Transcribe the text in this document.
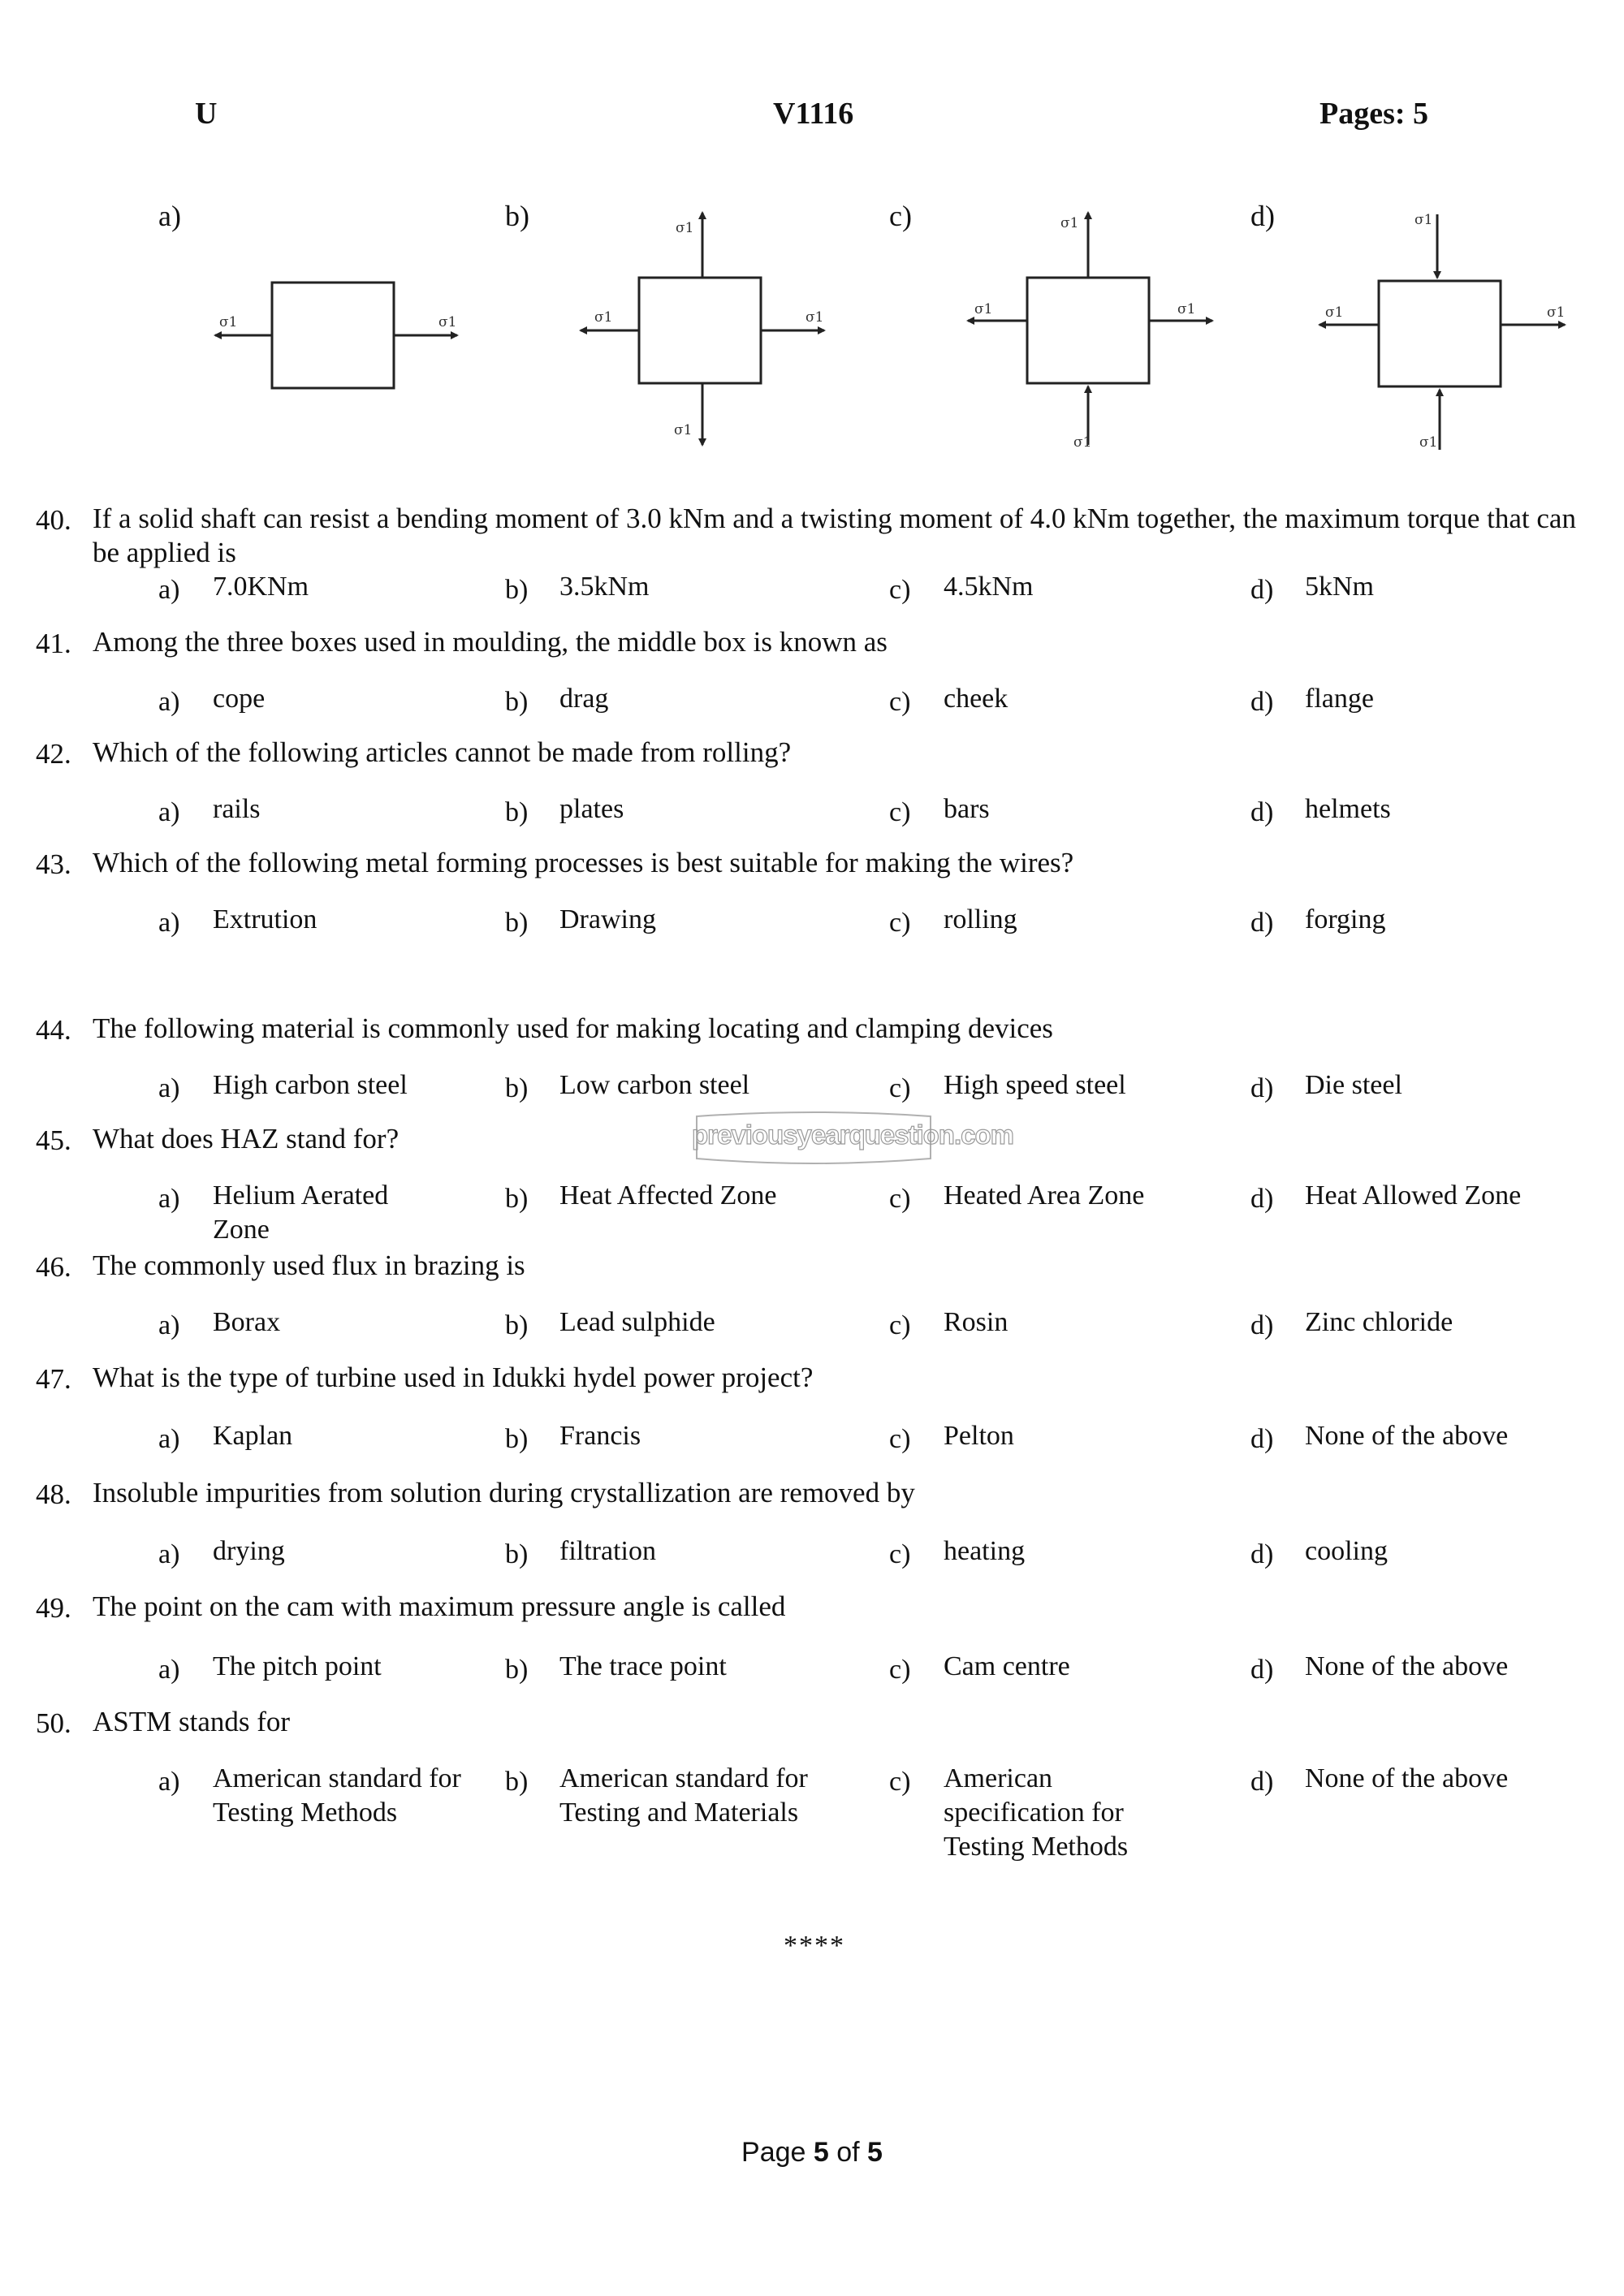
U	V1116	Pages: 5
a)	b)	c)	d)
σ1	σ1	σ1	σ1
σ1
σ1
σ1	σ1
σ1
σ1
σ1	σ1
σ1
σ1
40. If a solid shaft can resist a bending moment of 3.0 kNm and a twisting moment of 4.0 kNm together, the maximum torque that can be applied is
a) 7.0KNm	b) 3.5kNm	c) 4.5kNm	d) 5kNm
41. Among the three boxes used in moulding, the middle box is known as
a) cope	b) drag	c) cheek	d) flange
42. Which of the following articles cannot be made from rolling?
a) rails	b) plates	c) bars	d) helmets
43. Which of the following metal forming processes is best suitable for making the wires?
a) Extrution	b) Drawing	c) rolling	d) forging
44. The following material is commonly used for making locating and clamping devices
a) High carbon steel	b) Low carbon steel	c) High speed steel	d) Die steel
45. What does HAZ stand for?
a) Helium Aerated Zone
b) Heat Affected Zone	c) Heated Area Zone	d) Heat Allowed Zone
46. The commonly used flux in brazing is
a) Borax	b) Lead sulphide	c) Rosin	d) Zinc chloride
47. What is the type of turbine used in Idukki hydel power project?
a) Kaplan	b) Francis	c) Pelton	d) None of the above
48. Insoluble impurities from solution during crystallization are removed by
a) drying	b) filtration	c) heating	d) cooling
49. The point on the cam with maximum pressure angle is called
a) The pitch point	b) The trace point	c) Cam centre	d) None of the above
50. ASTM stands for
a) American standard for Testing Methods
b) American standard for Testing and Materials
c) American specification for Testing Methods
d) None of the above
****
previousyearquestion.com
Page 5 of 5
